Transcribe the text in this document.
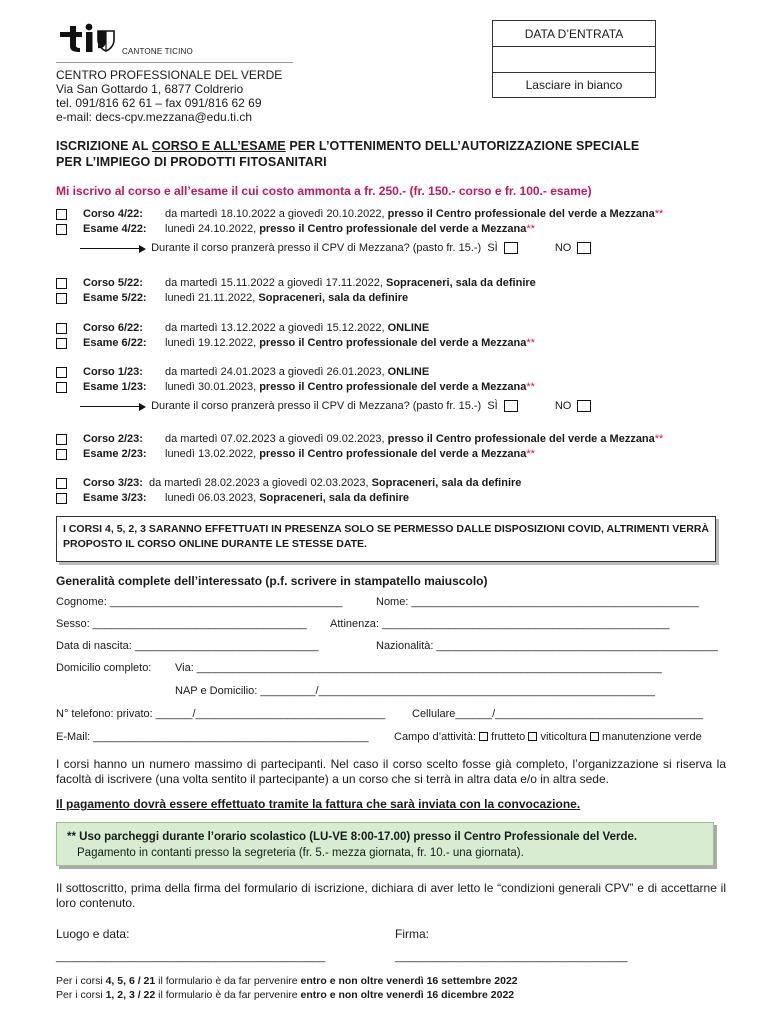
CANTONE TICINO
CENTRO PROFESSIONALE DEL VERDE
Via San Gottardo 1, 6877 Coldrerio
tel. 091/816 62 61 – fax 091/816 62 69
e-mail: decs-cpv.mezzana@edu.ti.ch
DATA D’ENTRATA
Lasciare in bianco
ISCRIZIONE AL CORSO E ALL’ESAME PER L’OTTENIMENTO DELL’AUTORIZZAZIONE SPECIALE
PER L’IMPIEGO DI PRODOTTI FITOSANITARI
Mi iscrivo al corso e all’esame il cui costo ammonta a fr. 250.- (fr. 150.- corso e fr. 100.- esame)
Corso 4/22: da martedì 18.10.2022 a giovedì 20.10.2022, presso il Centro professionale del verde a Mezzana**
Esame 4/22: lunedì 24.10.2022, presso il Centro professionale del verde a Mezzana**
Durante il corso pranzerà presso il CPV di Mezzana? (pasto fr. 15.-) SÌ	NO
Corso 5/22: da martedì 15.11.2022 a giovedì 17.11.2022, Sopraceneri, sala da definire
Esame 5/22: lunedì 21.11.2022, Sopraceneri, sala da definire
Corso 6/22: da martedì 13.12.2022 a giovedì 15.12.2022, ONLINE
Esame 6/22: lunedì 19.12.2022, presso il Centro professionale del verde a Mezzana**
Corso 1/23: da martedì 24.01.2023 a giovedì 26.01.2023, ONLINE
Esame 1/23: lunedì 30.01.2023, presso il Centro professionale del verde a Mezzana**
Durante il corso pranzerà presso il CPV di Mezzana? (pasto fr. 15.-) SÌ	NO
Corso 2/23: da martedì 07.02.2023 a giovedì 09.02.2023, presso il Centro professionale del verde a Mezzana**
Esame 2/23: lunedì 13.02.2022, presso il Centro professionale del verde a Mezzana**
Corso 3/23: da martedì 28.02.2023 a giovedì 02.03.2023, Sopraceneri, sala da definire
Esame 3/23: lunedì 06.03.2023, Sopraceneri, sala da definire
I CORSI 4, 5, 2, 3 SARANNO EFFETTUATI IN PRESENZA SOLO SE PERMESSO DALLE DISPOSIZIONI COVID, ALTRIMENTI VERRÀ PROPOSTO IL CORSO ONLINE DURANTE LE STESSE DATE.
Generalità complete dell’interessato (p.f. scrivere in stampatello maiuscolo)
Cognome: ______________________________________	Nome: _______________________________________________
Sesso: ___________________________________ Attinenza: _______________________________________________
Data di nascita: ______________________________	Nazionalità: ______________________________________________
Domicilio completo: Via: ____________________________________________________________________________
NAP e Domicilio: _________/_______________________________________________________
N° telefono: privato: ______/_______________________________ Cellulare______/__________________________________
E-Mail: _____________________________________________ Campo d’attività: frutteto viticoltura manutenzione verde
I corsi hanno un numero massimo di partecipanti. Nel caso il corso scelto fosse già completo, l’organizzazione si riserva la facoltà di iscrivere (una volta sentito il partecipante) a un corso che si terrà in altra data e/o in altra sede.
Il pagamento dovrà essere effettuato tramite la fattura che sarà inviata con la convocazione.
** Uso parcheggi durante l’orario scolastico (LU-VE 8:00-17.00) presso il Centro Professionale del Verde.
Pagamento in contanti presso la segreteria (fr. 5.- mezza giornata, fr. 10.- una giornata).
Il sottoscritto, prima della firma del formulario di iscrizione, dichiara di aver letto le “condizioni generali CPV” e di accettarne il loro contenuto.
Luogo e data:	Firma:
____________________________________________	______________________________________
Per i corsi 4, 5, 6 / 21 il formulario è da far pervenire entro e non oltre venerdì 16 settembre 2022
Per i corsi 1, 2, 3 / 22 il formulario è da far pervenire entro e non oltre venerdì 16 dicembre 2022
